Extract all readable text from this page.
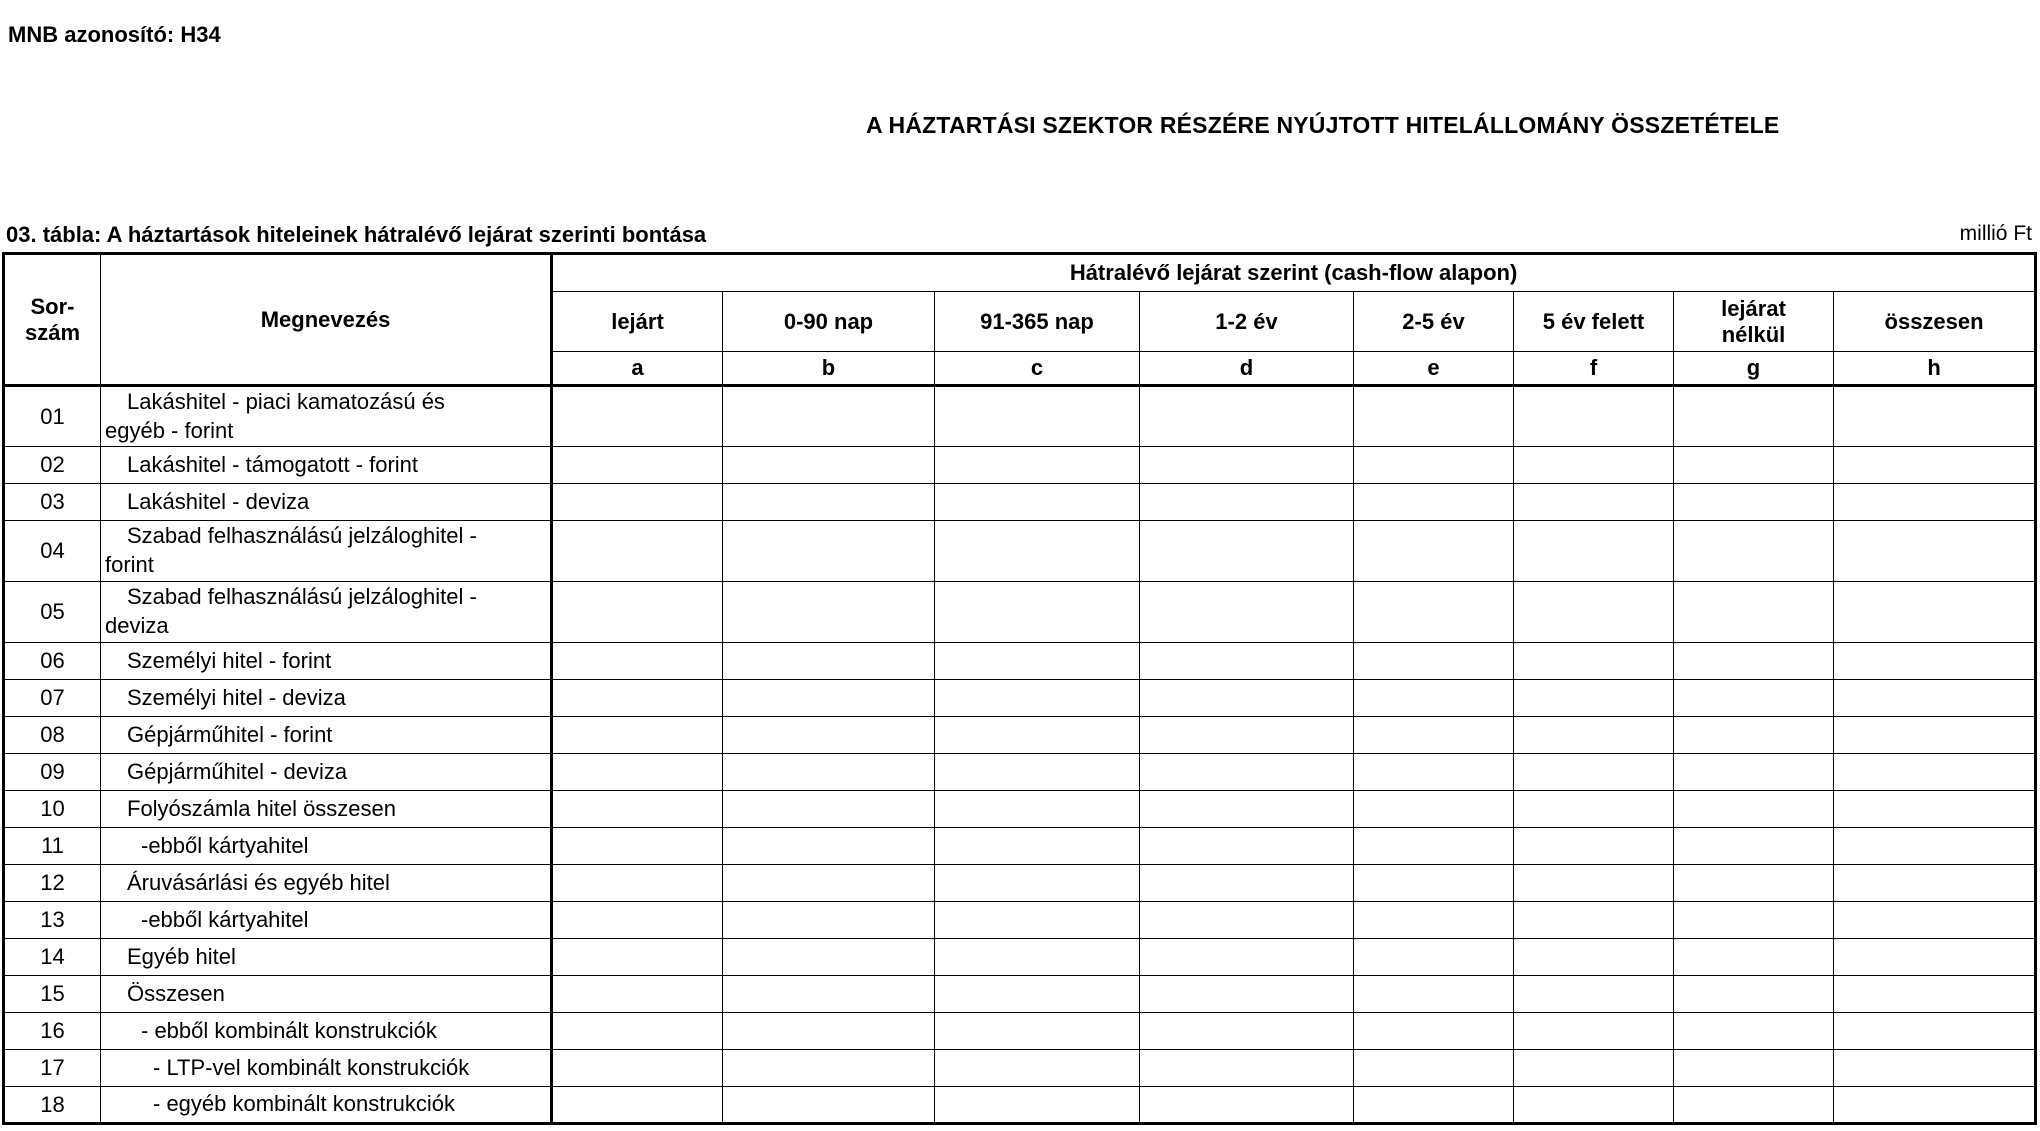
MNB azonosító: H34
A HÁZTARTÁSI SZEKTOR RÉSZÉRE NYÚJTOTT HITELÁLLOMÁNY ÖSSZETÉTELE
03. tábla: A háztartások hiteleinek hátralévő lejárat szerinti bontása	millió Ft
Sor-szám	Megnevezés	Hátralévő lejárat szerint (cash-flow alapon)							
		lejárt	0-90 nap	91-365 nap	1-2 év	2-5 év	5 év felett	lejárat nélkül	összesen
		a	b	c	d	e	f	g	h
01	Lakáshitel - piaci kamatozású és
egyéb - forint								

02	Lakáshitel - támogatott - forint								

03	Lakáshitel - deviza								

04	Szabad felhasználású jelzáloghitel -
forint								

05	Szabad felhasználású jelzáloghitel -
deviza								

06	Személyi hitel - forint								

07	Személyi hitel - deviza								

08	Gépjárműhitel - forint								

09	Gépjárműhitel - deviza								

10	Folyószámla hitel összesen								

11	-ebből kártyahitel								

12	Áruvásárlási és egyéb hitel								

13	-ebből kártyahitel								

14	Egyéb hitel								

15	Összesen								

16	- ebből kombinált konstrukciók								

17	- LTP-vel kombinált konstrukciók								

18	- egyéb kombinált konstrukciók								
